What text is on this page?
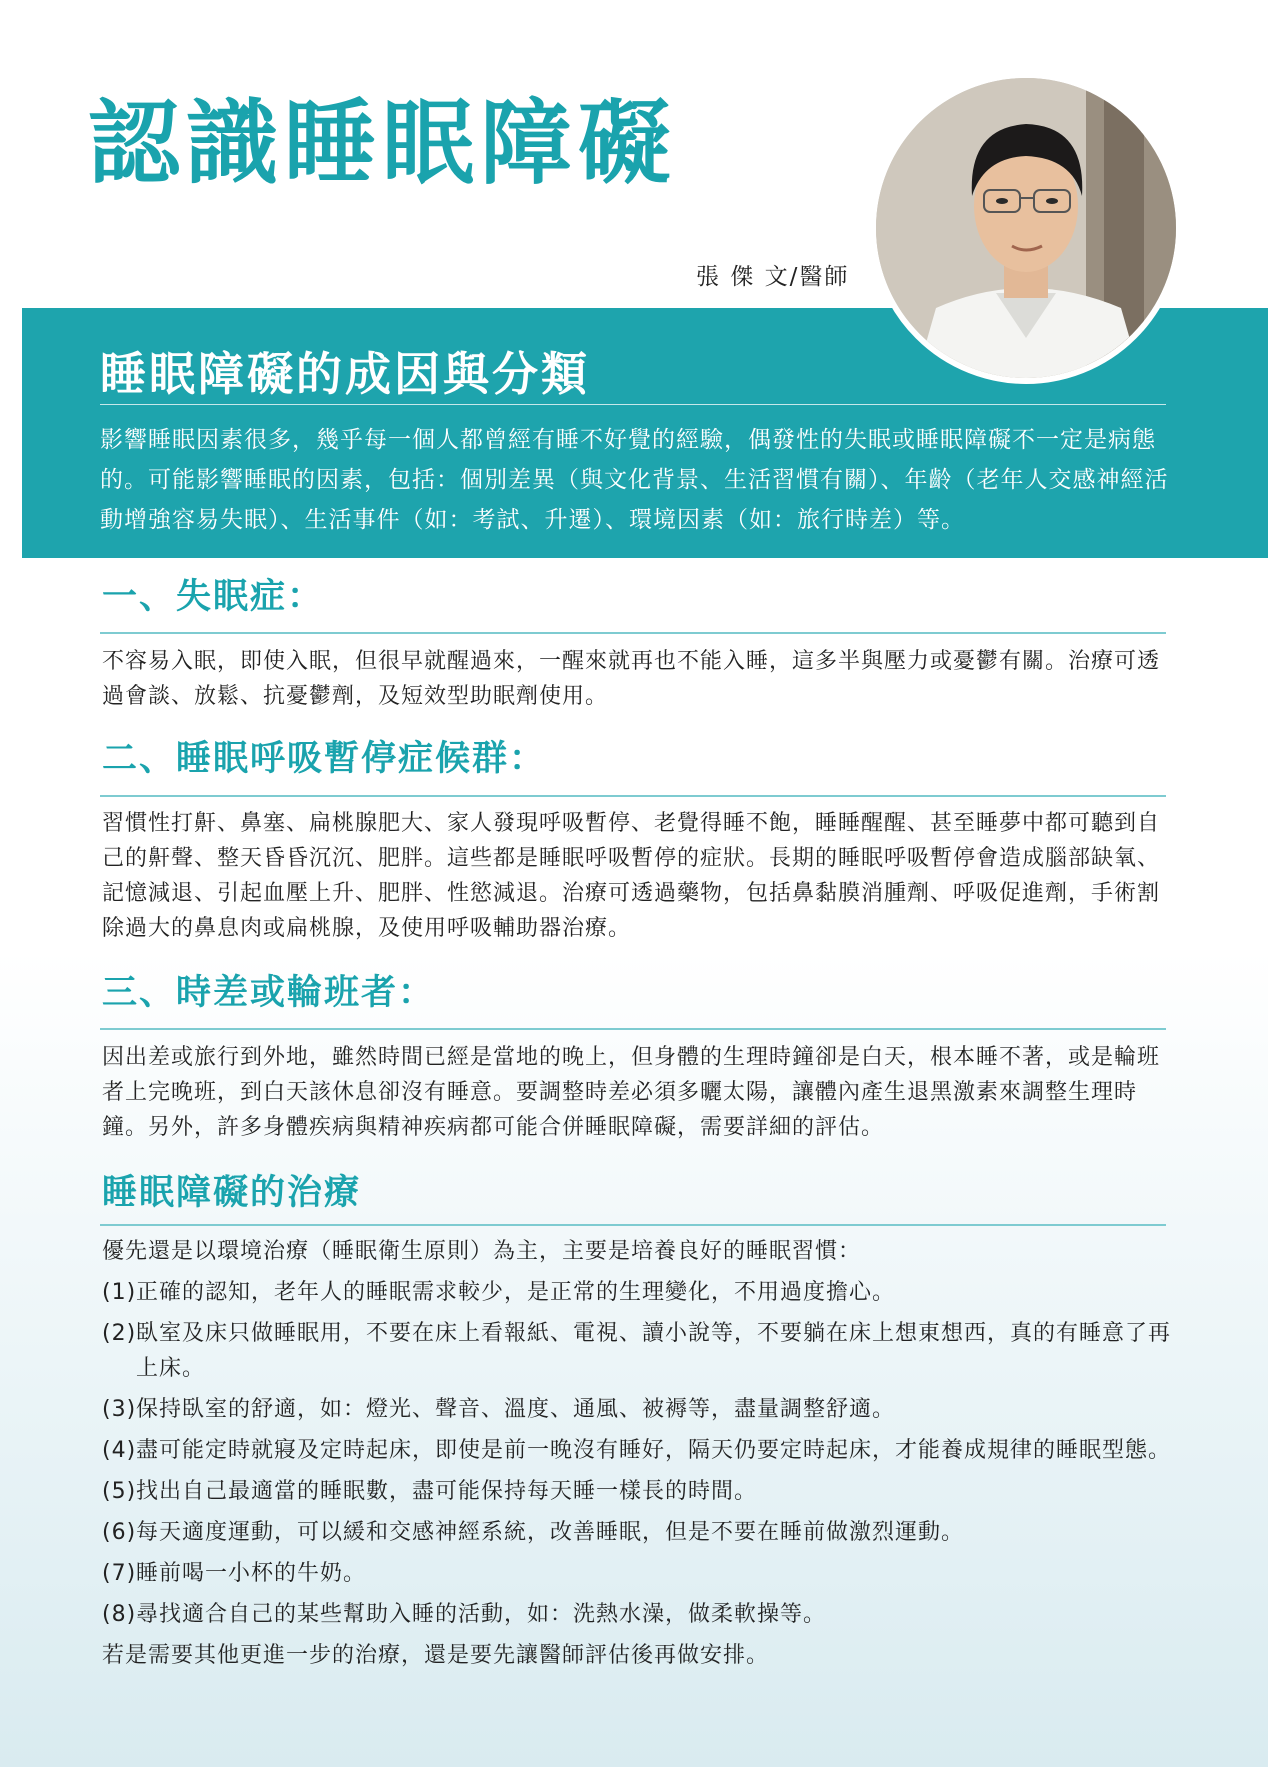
認識睡眠障礙
張 傑 文/醫師
睡眠障礙的成因與分類

影響睡眠因素很多，幾乎每一個人都曾經有睡不好覺的經驗，偶發性的失眠或睡眠障礙不一定是病態的。可能影響睡眠的因素，包括：個別差異（與文化背景、生活習慣有關）、年齡（老年人交感神經活動增強容易失眠）、生活事件（如：考試、升遷）、環境因素（如：旅行時差）等。

一、失眠症：

不容易入眠，即使入眠，但很早就醒過來，一醒來就再也不能入睡，這多半與壓力或憂鬱有關。治療可透過會談、放鬆、抗憂鬱劑，及短效型助眠劑使用。

二、睡眠呼吸暫停症候群：

習慣性打鼾、鼻塞、扁桃腺肥大、家人發現呼吸暫停、老覺得睡不飽，睡睡醒醒、甚至睡夢中都可聽到自己的鼾聲、整天昏昏沉沉、肥胖。這些都是睡眠呼吸暫停的症狀。長期的睡眠呼吸暫停會造成腦部缺氧、記憶減退、引起血壓上升、肥胖、性慾減退。治療可透過藥物，包括鼻黏膜消腫劑、呼吸促進劑，手術割除過大的鼻息肉或扁桃腺，及使用呼吸輔助器治療。

三、時差或輪班者：

因出差或旅行到外地，雖然時間已經是當地的晚上，但身體的生理時鐘卻是白天，根本睡不著，或是輪班者上完晚班，到白天該休息卻沒有睡意。要調整時差必須多曬太陽，讓體內產生退黑激素來調整生理時鐘。另外，許多身體疾病與精神疾病都可能合併睡眠障礙，需要詳細的評估。

睡眠障礙的治療

優先還是以環境治療（睡眠衛生原則）為主，主要是培養良好的睡眠習慣：

(1) 正確的認知，老年人的睡眠需求較少，是正常的生理變化，不用過度擔心。
(2) 臥室及床只做睡眠用，不要在床上看報紙、電視、讀小說等，不要躺在床上想東想西，真的有睡意了再上床。
(3) 保持臥室的舒適，如：燈光、聲音、溫度、通風、被褥等，盡量調整舒適。
(4) 盡可能定時就寢及定時起床，即使是前一晚沒有睡好，隔天仍要定時起床，才能養成規律的睡眠型態。
(5) 找出自己最適當的睡眠數，盡可能保持每天睡一樣長的時間。
(6) 每天適度運動，可以緩和交感神經系統，改善睡眠，但是不要在睡前做激烈運動。
(7) 睡前喝一小杯的牛奶。
(8) 尋找適合自己的某些幫助入睡的活動，如：洗熱水澡，做柔軟操等。

若是需要其他更進一步的治療，還是要先讓醫師評估後再做安排。
